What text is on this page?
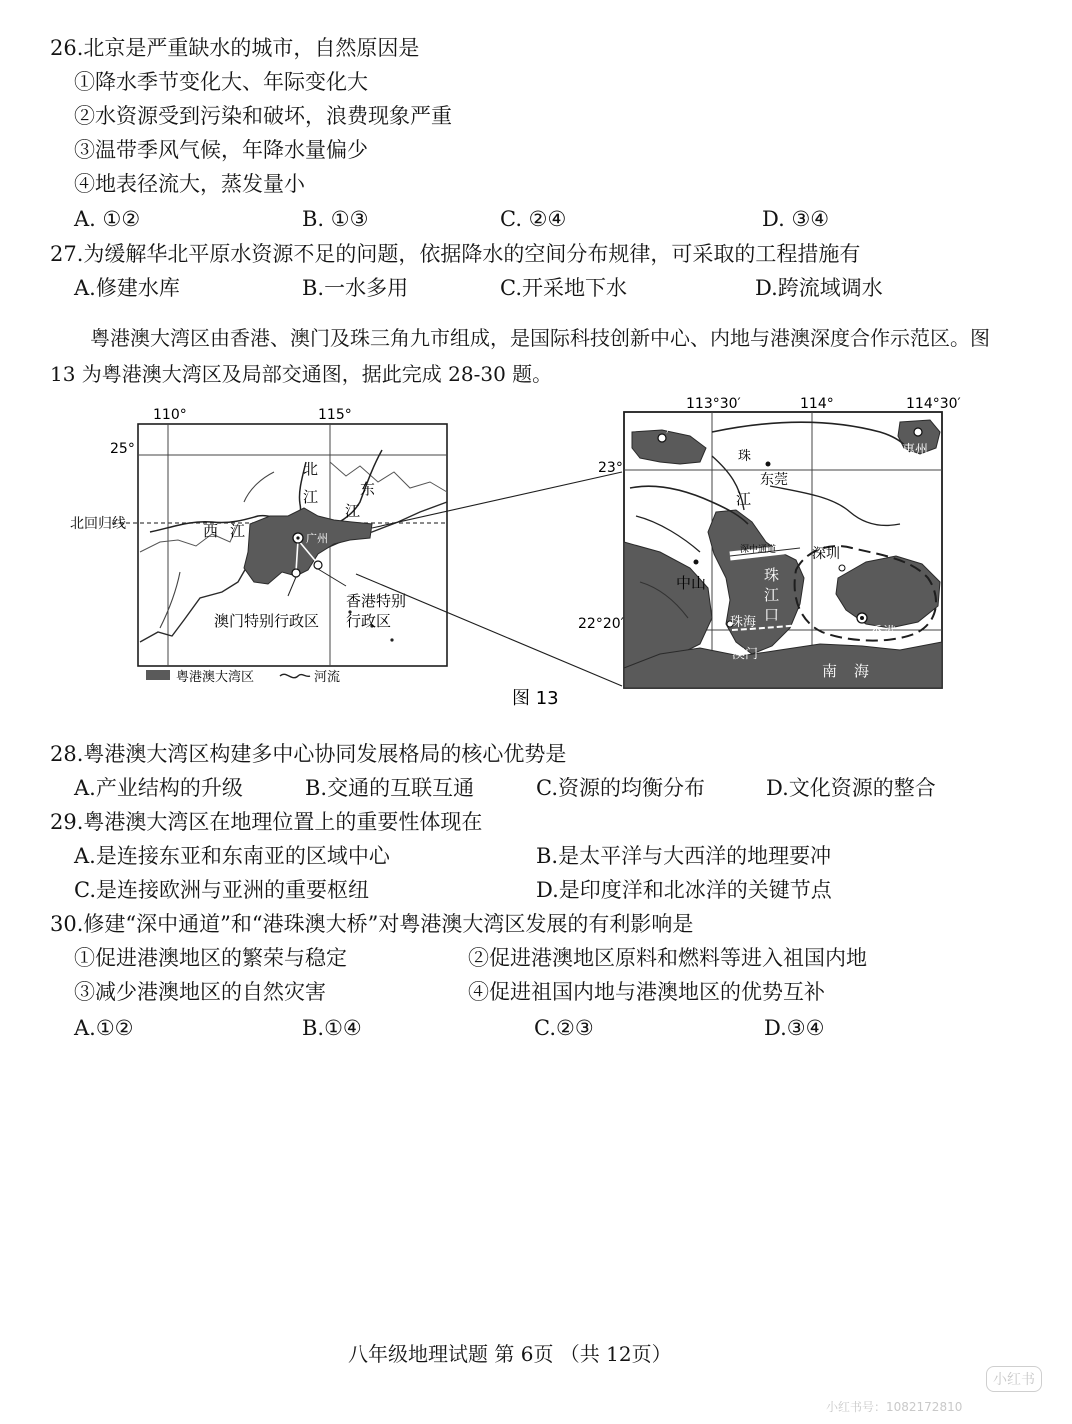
26.北京是严重缺水的城市，自然原因是
①降水季节变化大、年际变化大
②水资源受到污染和破坏，浪费现象严重
③温带季风气候，年降水量偏少
④地表径流大，蒸发量小
A. ①②	B. ①③	C. ②④	D. ③④
27.为缓解华北平原水资源不足的问题，依据降水的空间分布规律，可采取的工程措施有
A.修建水库	B.一水多用	C.开采地下水	D.跨流域调水
粤港澳大湾区由香港、澳门及珠三角九市组成，是国际科技创新中心、内地与港澳深度合作示范区。图 13 为粤港澳大湾区及局部交通图，据此完成 28-30 题。
110°	115°
25°
北回归线
北
江	东
江
西 江	广州
澳门特别行政区
香港特别
行政区
粤港澳大湾区	河流
113°30′	114°	114°30′
23°
22°20′
广州
惠州
东莞
中山
深圳
珠海
澳门
香港
珠
江
深中通道
珠
江
口
南 海
图 13
28.粤港澳大湾区构建多中心协同发展格局的核心优势是
A.产业结构的升级	B.交通的互联互通	C.资源的均衡分布	D.文化资源的整合
29.粤港澳大湾区在地理位置上的重要性体现在
A.是连接东亚和东南亚的区域中心	B.是太平洋与大西洋的地理要冲
C.是连接欧洲与亚洲的重要枢纽	D.是印度洋和北冰洋的关键节点
30.修建“深中通道”和“港珠澳大桥”对粤港澳大湾区发展的有利影响是
①促进港澳地区的繁荣与稳定	②促进港澳地区原料和燃料等进入祖国内地
③减少港澳地区的自然灾害	④促进祖国内地与港澳地区的优势互补
A.①②	B.①④	C.②③	D.③④
八年级地理试题 第 6页 （共 12页）
小红书
小红书号：1082172810
